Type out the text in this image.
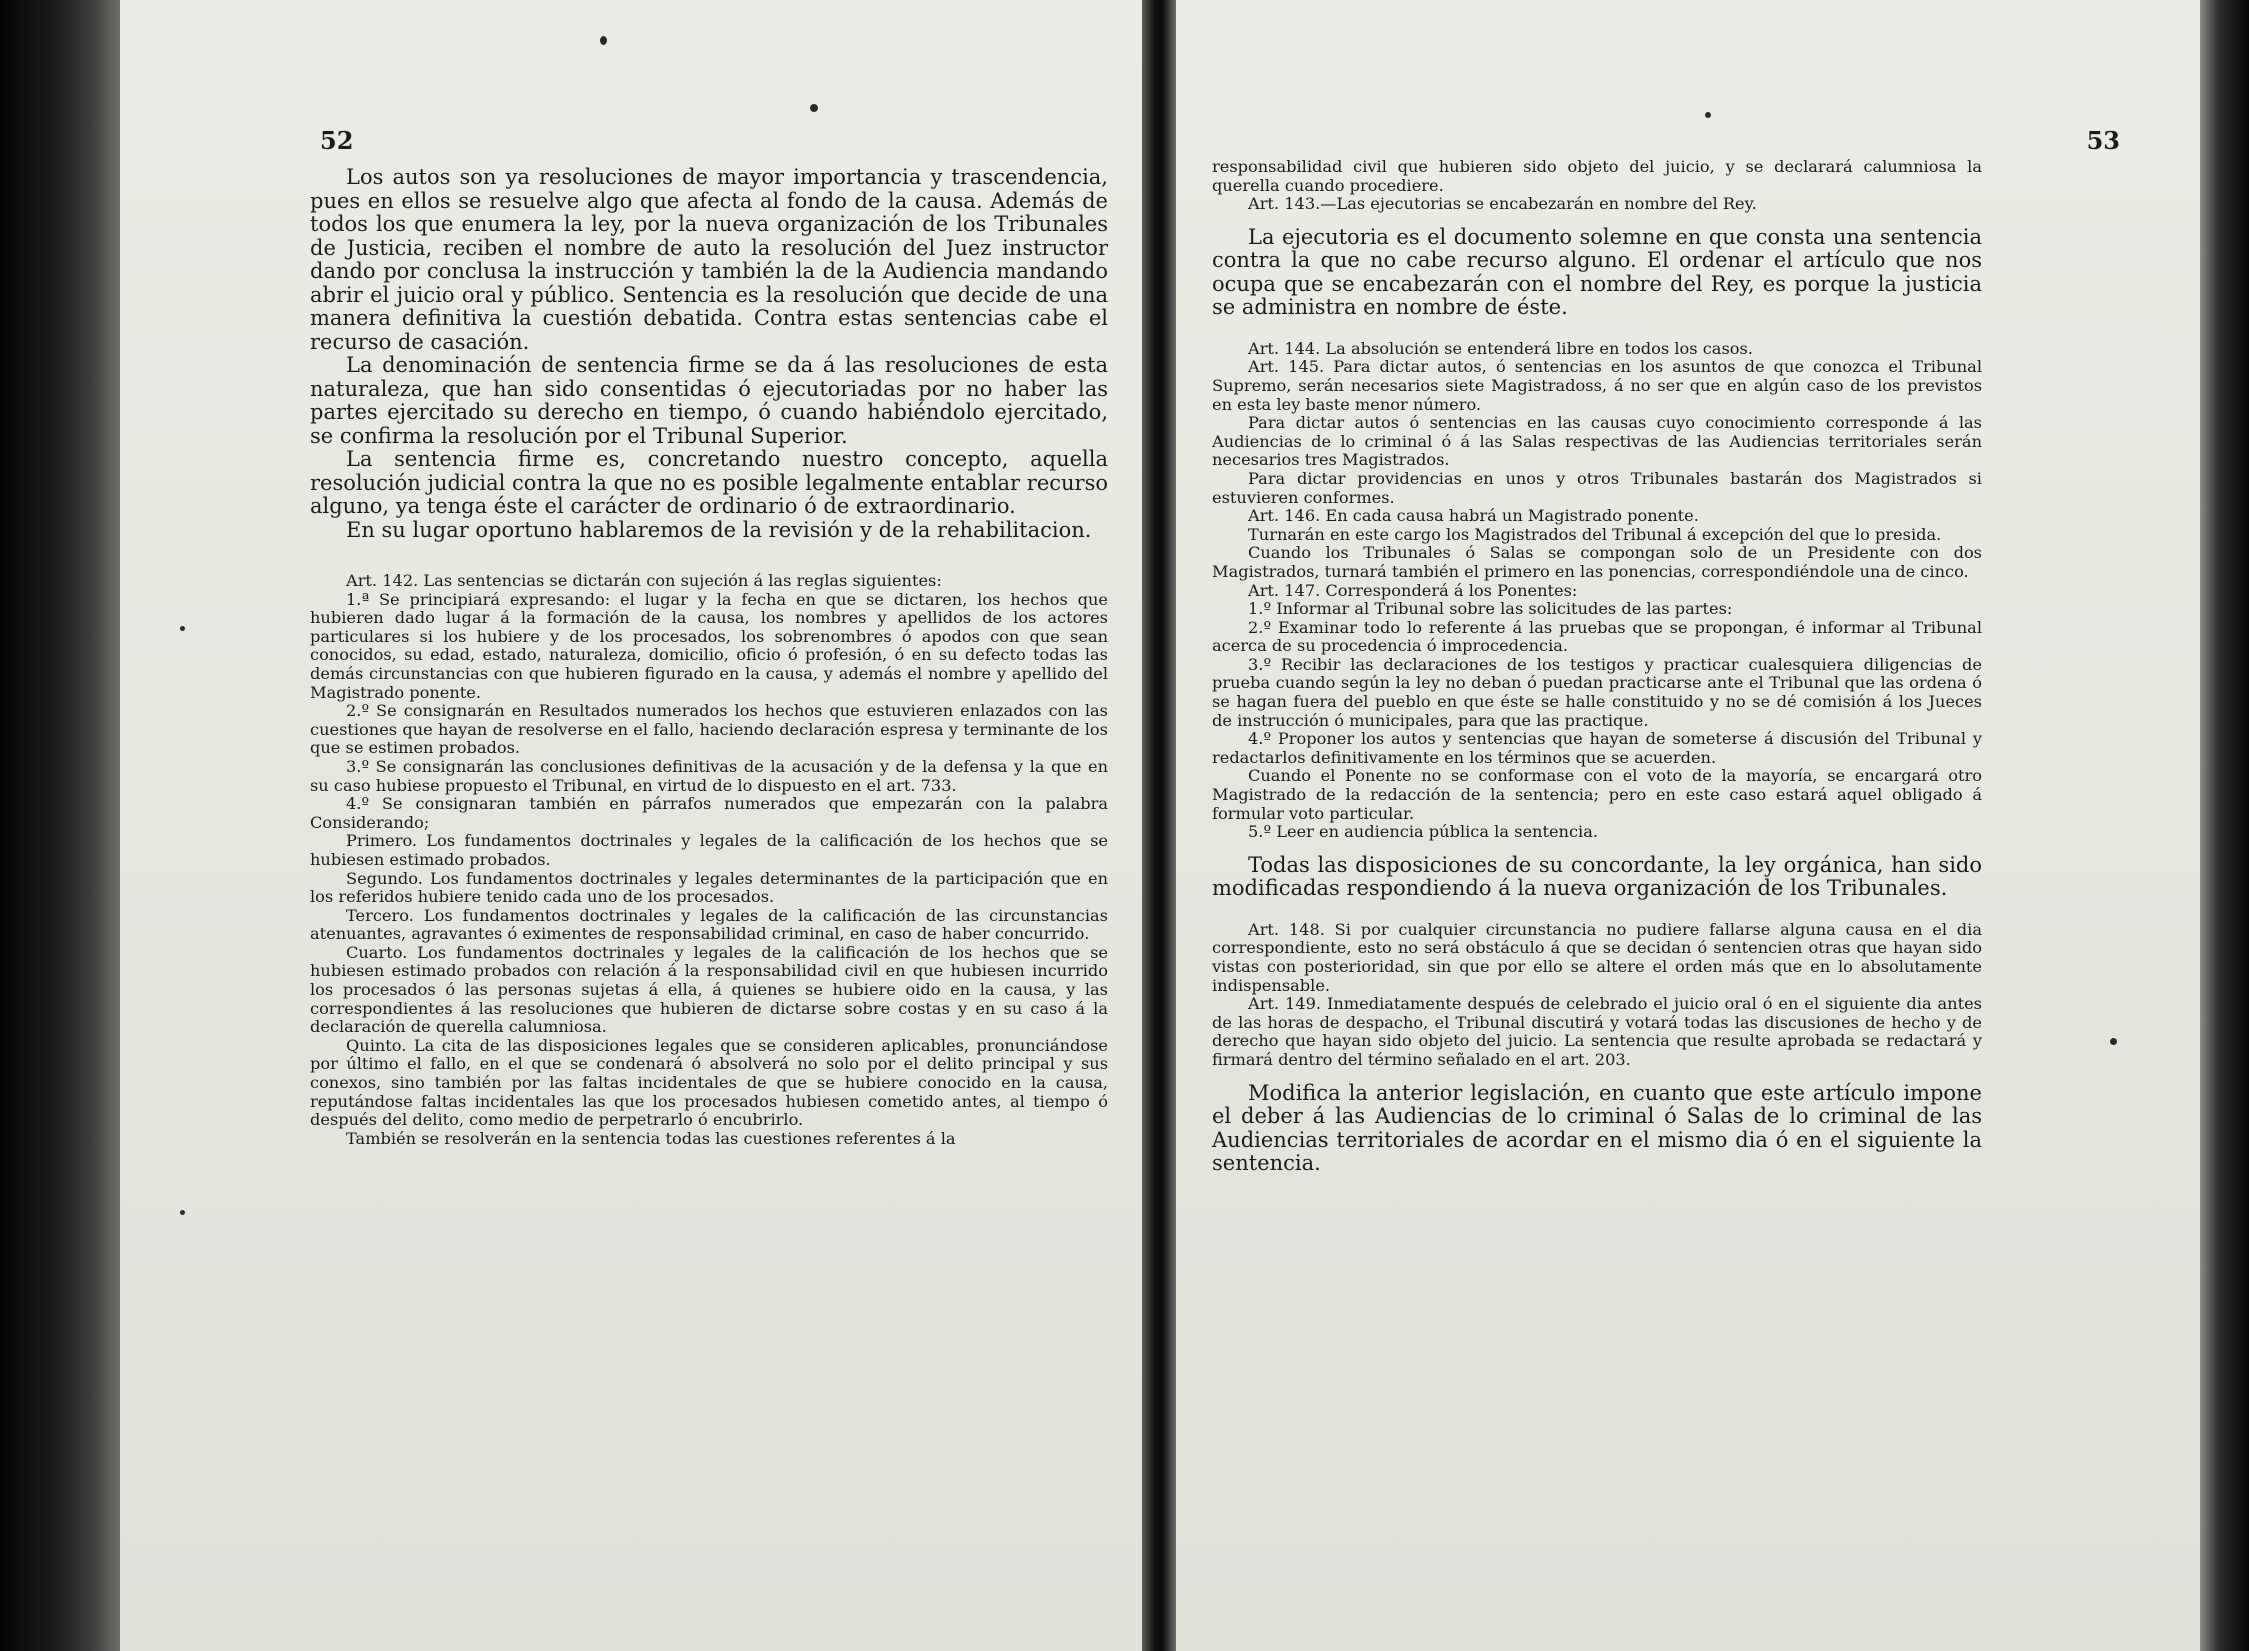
52

Los autos son ya resoluciones de mayor importancia y trascendencia, pues en ellos se resuelve algo que afecta al fondo de la causa. Además de todos los que enumera la ley, por la nueva organización de los Tribunales de Justicia, reciben el nombre de auto la resolución del Juez instructor dando por conclusa la instrucción y también la de la Audiencia mandando abrir el juicio oral y público. Sentencia es la resolución que decide de una manera definitiva la cuestión debatida. Contra estas sentencias cabe el recurso de casación.

La denominación de sentencia firme se da á las resoluciones de esta naturaleza, que han sido consentidas ó ejecutoriadas por no haber las partes ejercitado su derecho en tiempo, ó cuando habiéndolo ejercitado, se confirma la resolución por el Tribunal Superior.

La sentencia firme es, concretando nuestro concepto, aquella resolución judicial contra la que no es posible legalmente entablar recurso alguno, ya tenga éste el carácter de ordinario ó de extraordinario.

En su lugar oportuno hablaremos de la revisión y de la rehabilitacion.

Art. 142. Las sentencias se dictarán con sujeción á las reglas siguientes:

1.ª Se principiará expresando: el lugar y la fecha en que se dictaren, los hechos que hubieren dado lugar á la formación de la causa, los nombres y apellidos de los actores particulares si los hubiere y de los procesados, los sobrenombres ó apodos con que sean conocidos, su edad, estado, naturaleza, domicilio, oficio ó profesión, ó en su defecto todas las demás circunstancias con que hubieren figurado en la causa, y además el nombre y apellido del Magistrado ponente.

2.º Se consignarán en Resultados numerados los hechos que estuvieren enlazados con las cuestiones que hayan de resolverse en el fallo, haciendo declaración espresa y terminante de los que se estimen probados.

3.º Se consignarán las conclusiones definitivas de la acusación y de la defensa y la que en su caso hubiese propuesto el Tribunal, en virtud de lo dispuesto en el art. 733.

4.º Se consignaran también en párrafos numerados que empezarán con la palabra Considerando;

Primero. Los fundamentos doctrinales y legales de la calificación de los hechos que se hubiesen estimado probados.

Segundo. Los fundamentos doctrinales y legales determinantes de la participación que en los referidos hubiere tenido cada uno de los procesados.

Tercero. Los fundamentos doctrinales y legales de la calificación de las circunstancias atenuantes, agravantes ó eximentes de responsabilidad criminal, en caso de haber concurrido.

Cuarto. Los fundamentos doctrinales y legales de la calificación de los hechos que se hubiesen estimado probados con relación á la responsabilidad civil en que hubiesen incurrido los procesados ó las personas sujetas á ella, á quienes se hubiere oido en la causa, y las correspondientes á las resoluciones que hubieren de dictarse sobre costas y en su caso á la declaración de querella calumniosa.

Quinto. La cita de las disposiciones legales que se consideren aplicables, pronunciándose por último el fallo, en el que se condenará ó absolverá no solo por el delito principal y sus conexos, sino también por las faltas incidentales de que se hubiere conocido en la causa, reputándose faltas incidentales las que los procesados hubiesen cometido antes, al tiempo ó después del delito, como medio de perpetrarlo ó encubrirlo.

También se resolverán en la sentencia todas las cuestiones referentes á la

53

responsabilidad civil que hubieren sido objeto del juicio, y se declarará calumniosa la querella cuando procediere.

Art. 143.—Las ejecutorias se encabezarán en nombre del Rey.

La ejecutoria es el documento solemne en que consta una sentencia contra la que no cabe recurso alguno. El ordenar el artículo que nos ocupa que se encabezarán con el nombre del Rey, es porque la justicia se administra en nombre de éste.

Art. 144. La absolución se entenderá libre en todos los casos.

Art. 145. Para dictar autos, ó sentencias en los asuntos de que conozca el Tribunal Supremo, serán necesarios siete Magistradoss, á no ser que en algún caso de los previstos en esta ley baste menor número.

Para dictar autos ó sentencias en las causas cuyo conocimiento corresponde á las Audiencias de lo criminal ó á las Salas respectivas de las Audiencias territoriales serán necesarios tres Magistrados.

Para dictar providencias en unos y otros Tribunales bastarán dos Magistrados si estuvieren conformes.

Art. 146. En cada causa habrá un Magistrado ponente.

Turnarán en este cargo los Magistrados del Tribunal á excepción del que lo presida.

Cuando los Tribunales ó Salas se compongan solo de un Presidente con dos Magistrados, turnará también el primero en las ponencias, correspondiéndole una de cinco.

Art. 147. Corresponderá á los Ponentes:

1.º Informar al Tribunal sobre las solicitudes de las partes:

2.º Examinar todo lo referente á las pruebas que se propongan, é informar al Tribunal acerca de su procedencia ó improcedencia.

3.º Recibir las declaraciones de los testigos y practicar cualesquiera diligencias de prueba cuando según la ley no deban ó puedan practicarse ante el Tribunal que las ordena ó se hagan fuera del pueblo en que éste se halle constituido y no se dé comisión á los Jueces de instrucción ó municipales, para que las practique.

4.º Proponer los autos y sentencias que hayan de someterse á discusión del Tribunal y redactarlos definitivamente en los términos que se acuerden.

Cuando el Ponente no se conformase con el voto de la mayoría, se encargará otro Magistrado de la redacción de la sentencia; pero en este caso estará aquel obligado á formular voto particular.

5.º Leer en audiencia pública la sentencia.

Todas las disposiciones de su concordante, la ley orgánica, han sido modificadas respondiendo á la nueva organización de los Tribunales.

Art. 148. Si por cualquier circunstancia no pudiere fallarse alguna causa en el dia correspondiente, esto no será obstáculo á que se decidan ó sentencien otras que hayan sido vistas con posterioridad, sin que por ello se altere el orden más que en lo absolutamente indispensable.

Art. 149. Inmediatamente después de celebrado el juicio oral ó en el siguiente dia antes de las horas de despacho, el Tribunal discutirá y votará todas las discusiones de hecho y de derecho que hayan sido objeto del juicio. La sentencia que resulte aprobada se redactará y firmará dentro del término señalado en el art. 203.

Modifica la anterior legislación, en cuanto que este artículo impone el deber á las Audiencias de lo criminal ó Salas de lo criminal de las Audiencias territoriales de acordar en el mismo dia ó en el siguiente la sentencia.
